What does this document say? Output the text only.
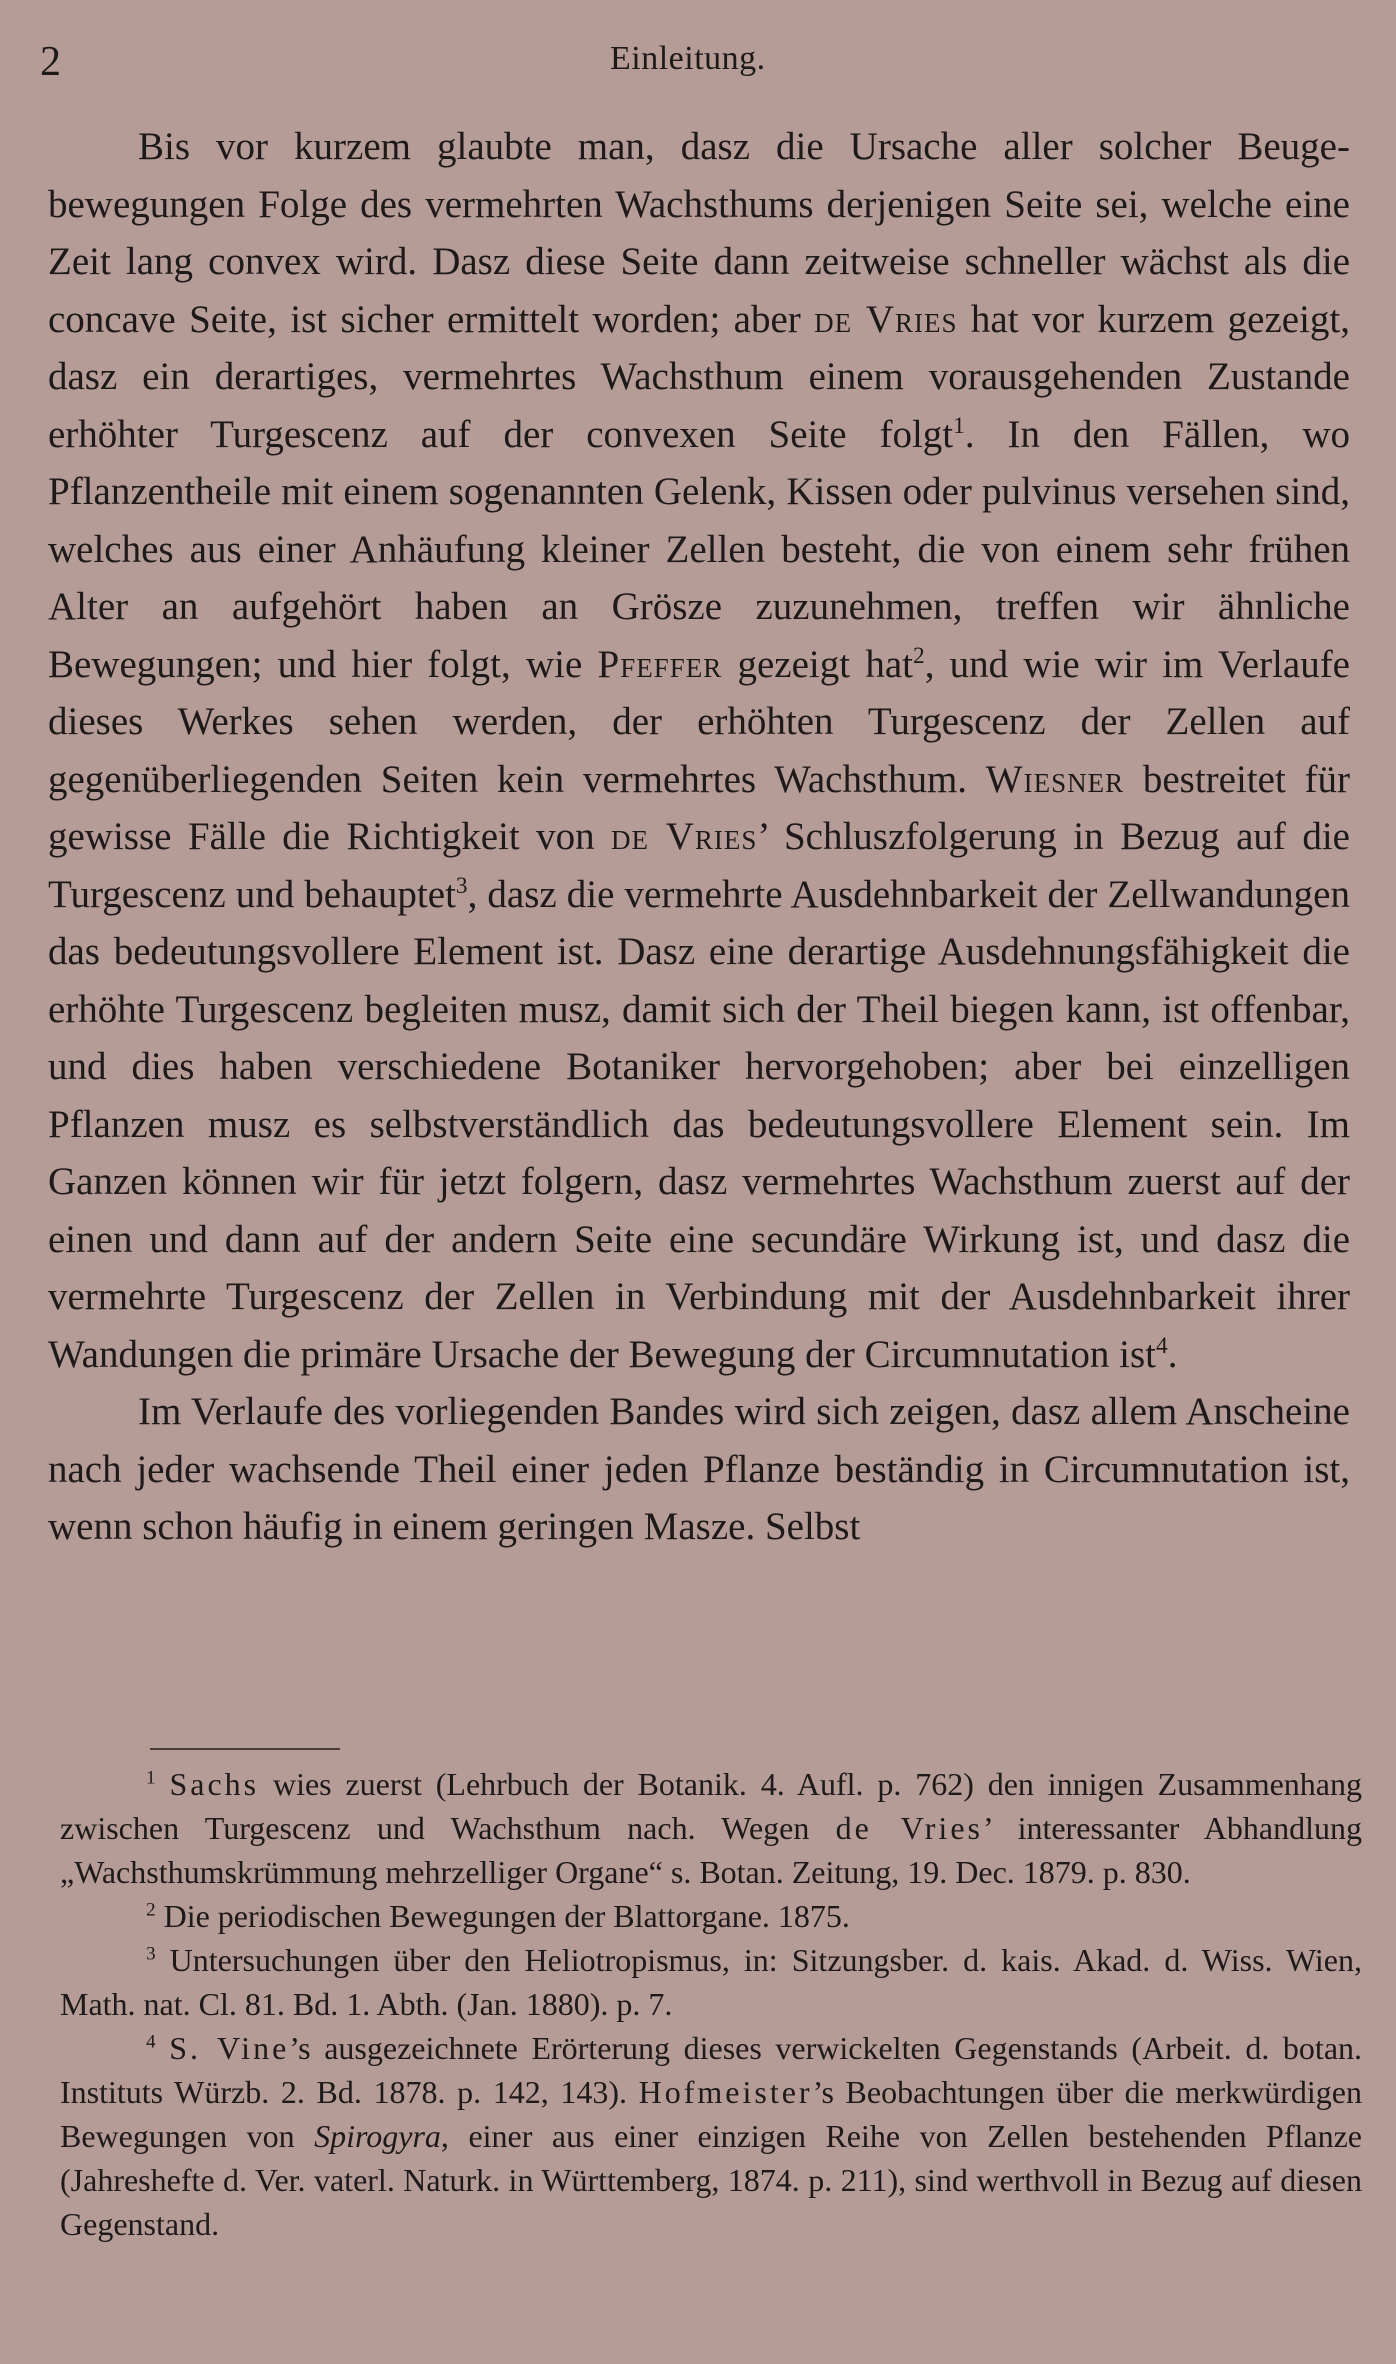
2	Einleitung.

Bis vor kurzem glaubte man, dasz die Ursache aller solcher Beugebewegungen Folge des vermehrten Wachsthums derjenigen Seite sei, welche eine Zeit lang convex wird. Dasz diese Seite dann zeitweise schneller wächst als die concave Seite, ist sicher ermittelt worden; aber de Vries hat vor kurzem gezeigt, dasz ein derartiges, vermehrtes Wachsthum einem vorausgehenden Zustande erhöhter Turgescenz auf der convexen Seite folgt$^1$. In den Fällen, wo Pflanzentheile mit einem sogenannten Gelenk, Kissen oder pulvinus versehen sind, welches aus einer Anhäufung kleiner Zellen besteht, die von einem sehr frühen Alter an aufgehört haben an Grösze zuzunehmen, treffen wir ähnliche Bewegungen; und hier folgt, wie Pfeffer gezeigt hat$^2$, und wie wir im Verlaufe dieses Werkes sehen werden, der erhöhten Turgescenz der Zellen auf gegenüberliegenden Seiten kein vermehrtes Wachsthum. Wiesner bestreitet für gewisse Fälle die Richtigkeit von de Vries’ Schluszfolgerung in Bezug auf die Turgescenz und behauptet$^3$, dasz die vermehrte Ausdehnbarkeit der Zellwandungen das bedeutungsvollere Element ist. Dasz eine derartige Ausdehnungsfähigkeit die erhöhte Turgescenz begleiten musz, damit sich der Theil biegen kann, ist offenbar, und dies haben verschiedene Botaniker hervorgehoben; aber bei einzelligen Pflanzen musz es selbstverständlich das bedeutungsvollere Element sein. Im Ganzen können wir für jetzt folgern, dasz vermehrtes Wachsthum zuerst auf der einen und dann auf der andern Seite eine secundäre Wirkung ist, und dasz die vermehrte Turgescenz der Zellen in Verbindung mit der Ausdehnbarkeit ihrer Wandungen die primäre Ursache der Bewegung der Circumnutation ist$^4$.

Im Verlaufe des vorliegenden Bandes wird sich zeigen, dasz allem Anscheine nach jeder wachsende Theil einer jeden Pflanze beständig in Circumnutation ist, wenn schon häufig in einem geringen Masze. Selbst

$^1$ Sachs wies zuerst (Lehrbuch der Botanik. 4. Aufl. p. 762) den innigen Zusammenhang zwischen Turgescenz und Wachsthum nach. Wegen de Vries’ interessanter Abhandlung „Wachsthumskrümmung mehrzelliger Organe“ s. Botan. Zeitung, 19. Dec. 1879. p. 830.

$^2$ Die periodischen Bewegungen der Blattorgane. 1875.

$^3$ Untersuchungen über den Heliotropismus, in: Sitzungsber. d. kais. Akad. d. Wiss. Wien, Math. nat. Cl. 81. Bd. 1. Abth. (Jan. 1880). p. 7.

$^4$ S. Vine’s ausgezeichnete Erörterung dieses verwickelten Gegenstands (Arbeit. d. botan. Instituts Würzb. 2. Bd. 1878. p. 142, 143). Hofmeister’s Beobachtungen über die merkwürdigen Bewegungen von Spirogyra, einer aus einer einzigen Reihe von Zellen bestehenden Pflanze (Jahreshefte d. Ver. vaterl. Naturk. in Württemberg, 1874. p. 211), sind werthvoll in Bezug auf diesen Gegenstand.
